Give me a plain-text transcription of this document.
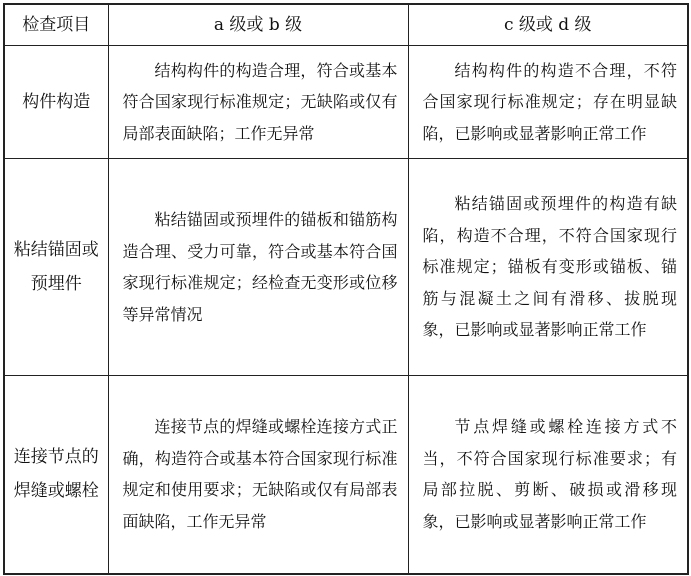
检查项目	a 级或 b 级	c 级或 d 级
构件构造	结构构件的构造合理，符合或基本符合国家现行标准规定；无缺陷或仅有局部表面缺陷；工作无异常	结构构件的构造不合理，不符合国家现行标准规定；存在明显缺陷，已影响或显著影响正常工作

粘结锚固或预埋件	粘结锚固或预埋件的锚板和锚筋构造合理、受力可靠，符合或基本符合国家现行标准规定；经检查无变形或位移等异常情况	粘结锚固或预埋件的构造有缺陷，构造不合理，不符合国家现行标准规定；锚板有变形或锚板、锚筋与混凝土之间有滑移、拔脱现象，已影响或显著影响正常工作

连接节点的焊缝或螺栓	连接节点的焊缝或螺栓连接方式正确，构造符合或基本符合国家现行标准规定和使用要求；无缺陷或仅有局部表面缺陷，工作无异常	节点焊缝或螺栓连接方式不当，不符合国家现行标准要求；有局部拉脱、剪断、破损或滑移现象，已影响或显著影响正常工作
